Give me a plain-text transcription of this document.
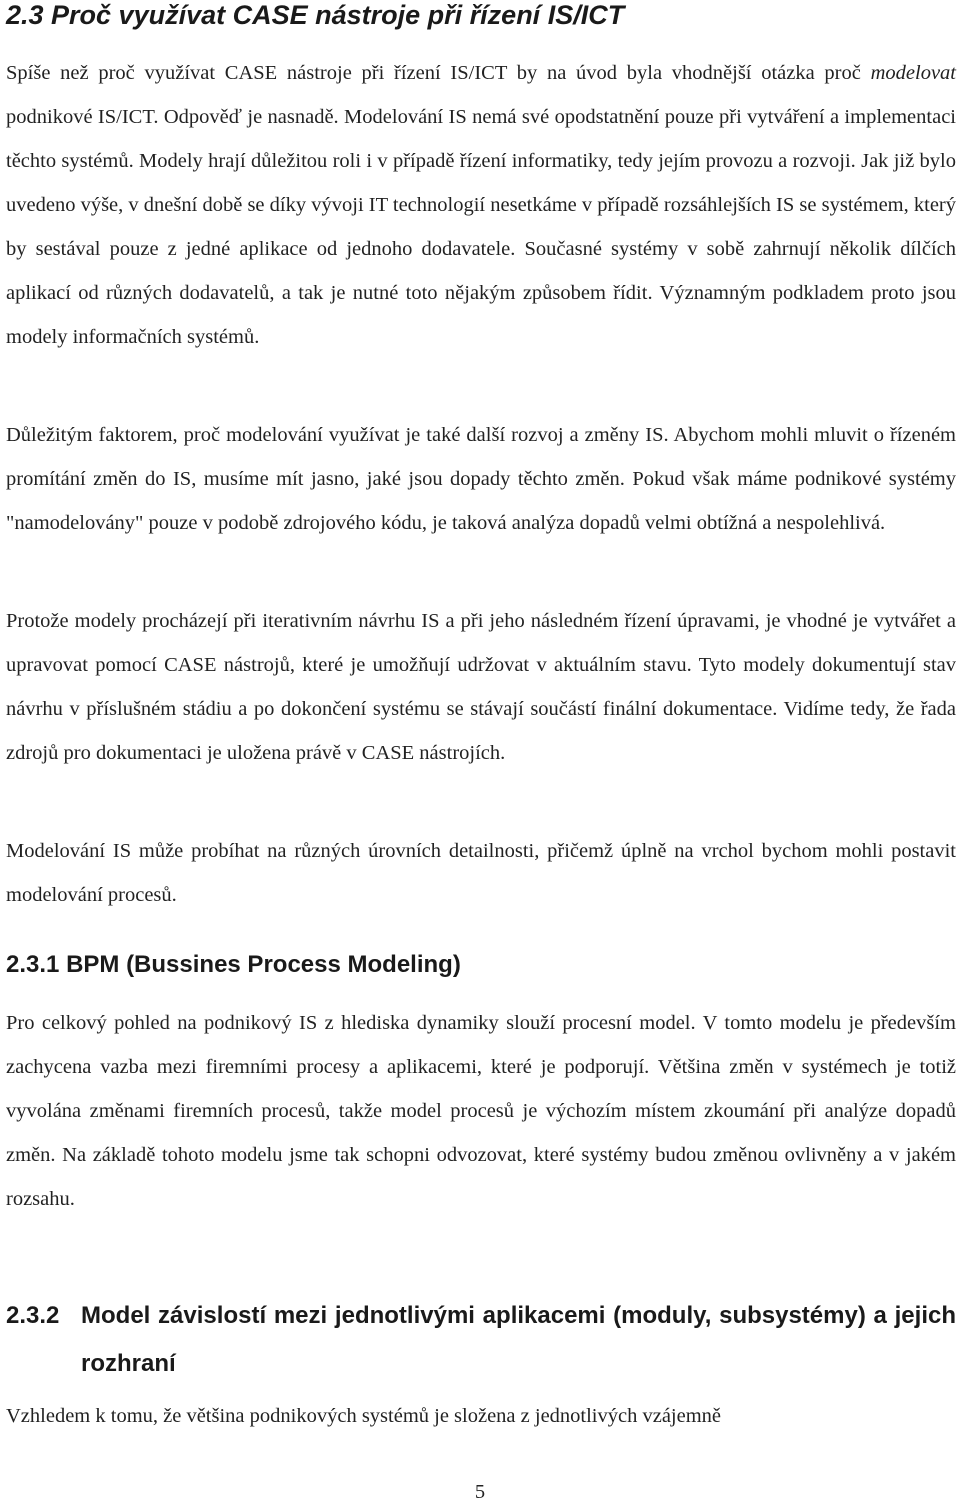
2.3 Proč využívat CASE nástroje při řízení IS/ICT

Spíše než proč využívat CASE nástroje při řízení IS/ICT by na úvod byla vhodnější otázka proč modelovat podnikové IS/ICT. Odpověď je nasnadě. Modelování IS nemá své opodstatnění pouze při vytváření a implementaci těchto systémů. Modely hrají důležitou roli i v případě řízení informatiky, tedy jejím provozu a rozvoji. Jak již bylo uvedeno výše, v dnešní době se díky vývoji IT technologií nesetkáme v případě rozsáhlejších IS se systémem, který by sestával pouze z jedné aplikace od jednoho dodavatele. Současné systémy v sobě zahrnují několik dílčích aplikací od různých dodavatelů, a tak je nutné toto nějakým způsobem řídit. Významným podkladem proto jsou modely informačních systémů.

Důležitým faktorem, proč modelování využívat je také další rozvoj a změny IS. Abychom mohli mluvit o řízeném promítání změn do IS, musíme mít jasno, jaké jsou dopady těchto změn. Pokud však máme podnikové systémy "namodelovány" pouze v podobě zdrojového kódu, je taková analýza dopadů velmi obtížná a nespolehlivá.

Protože modely procházejí při iterativním návrhu IS a při jeho následném řízení úpravami, je vhodné je vytvářet a upravovat pomocí CASE nástrojů, které je umožňují udržovat v aktuálním stavu. Tyto modely dokumentují stav návrhu v příslušném stádiu a po dokončení systému se stávají součástí finální dokumentace. Vidíme tedy, že řada zdrojů pro dokumentaci je uložena právě v CASE nástrojích.

Modelování IS může probíhat na různých úrovních detailnosti, přičemž úplně na vrchol bychom mohli postavit modelování procesů.

2.3.1 BPM (Bussines Process Modeling)

Pro celkový pohled na podnikový IS z hlediska dynamiky slouží procesní model. V tomto modelu je především zachycena vazba mezi firemními procesy a aplikacemi, které je podporují. Většina změn v systémech je totiž vyvolána změnami firemních procesů, takže model procesů je výchozím místem zkoumání při analýze dopadů změn. Na základě tohoto modelu jsme tak schopni odvozovat, které systémy budou změnou ovlivněny a v jakém rozsahu.

2.3.2 Model závislostí mezi jednotlivými aplikacemi (moduly, subsystémy) a jejich rozhraní

Vzhledem k tomu, že většina podnikových systémů je složena z jednotlivých vzájemně

5
